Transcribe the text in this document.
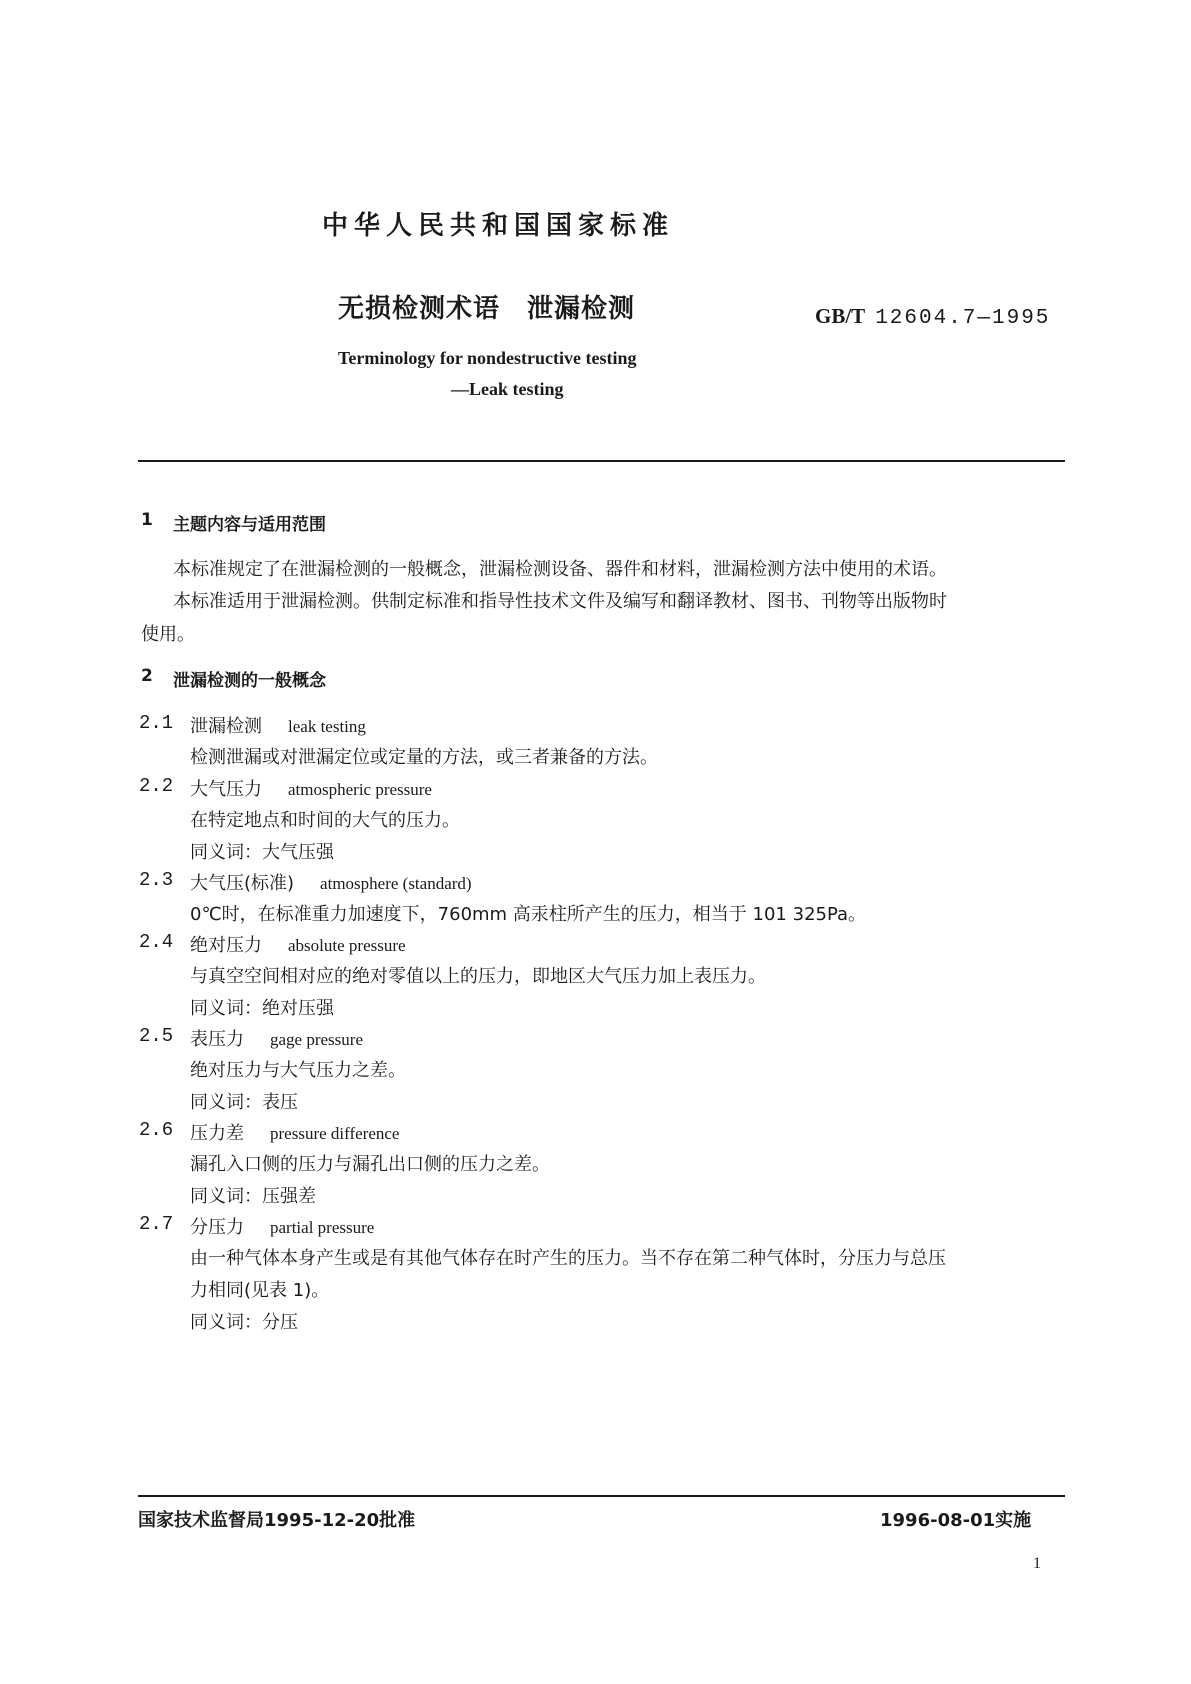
中华人民共和国国家标准
无损检测术语　泄漏检测	GB/T 12604.7—1995
Terminology for nondestructive testing
—Leak testing
1 主题内容与适用范围
本标准规定了在泄漏检测的一般概念，泄漏检测设备、器件和材料，泄漏检测方法中使用的术语。
本标准适用于泄漏检测。供制定标准和指导性技术文件及编写和翻译教材、图书、刊物等出版物时
使用。
2 泄漏检测的一般概念
2.1 泄漏检测 leak testing
检测泄漏或对泄漏定位或定量的方法，或三者兼备的方法。
2.2 大气压力 atmospheric pressure
在特定地点和时间的大气的压力。
同义词：大气压强
2.3 大气压(标准) atmosphere (standard)
0℃时，在标准重力加速度下，760mm 高汞柱所产生的压力，相当于 101 325Pa。
2.4 绝对压力 absolute pressure
与真空空间相对应的绝对零值以上的压力，即地区大气压力加上表压力。
同义词：绝对压强
2.5 表压力 gage pressure
绝对压力与大气压力之差。
同义词：表压
2.6 压力差 pressure difference
漏孔入口侧的压力与漏孔出口侧的压力之差。
同义词：压强差
2.7 分压力 partial pressure
由一种气体本身产生或是有其他气体存在时产生的压力。当不存在第二种气体时，分压力与总压
力相同(见表 1)。
同义词：分压
国家技术监督局1995-12-20批准	1996-08-01实施
1
